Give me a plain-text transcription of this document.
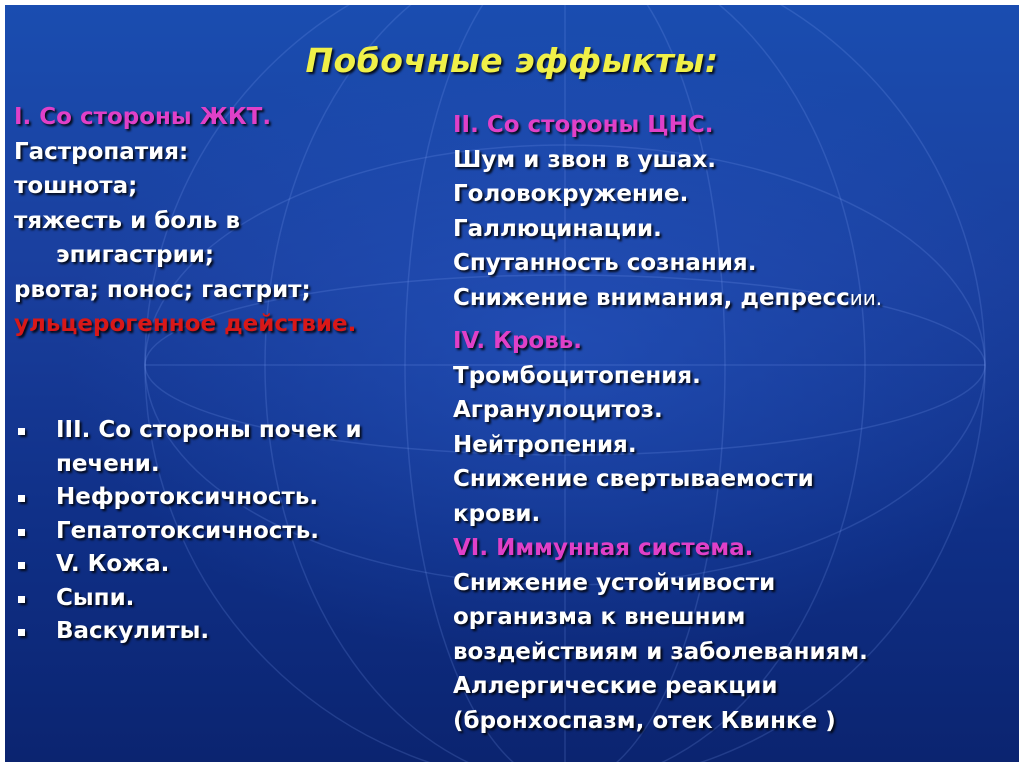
Побочные эффыкты:
I. Со стороны ЖКТ.
Гастропатия:
тошнота;
тяжесть и боль в
эпигастрии;
рвота; понос; гастрит;
ульцерогенное действие.
III. Со стороны почек и
печени.
Нефротоксичность.
Гепатотоксичность.
V. Кожа.
Сыпи.
Васкулиты.
II. Со стороны ЦНС.
Шум и звон в ушах.
Головокружение.
Галлюцинации.
Спутанность сознания.
Снижение внимания, депрессии.
IV. Кровь.
Тромбоцитопения.
Агранулоцитоз.
Нейтропения.
Снижение свертываемости
крови.
VI. Иммунная система.
Снижение устойчивости
организма к внешним
воздействиям и заболеваниям.
Аллергические реакции
(бронхоспазм, отек Квинке )
